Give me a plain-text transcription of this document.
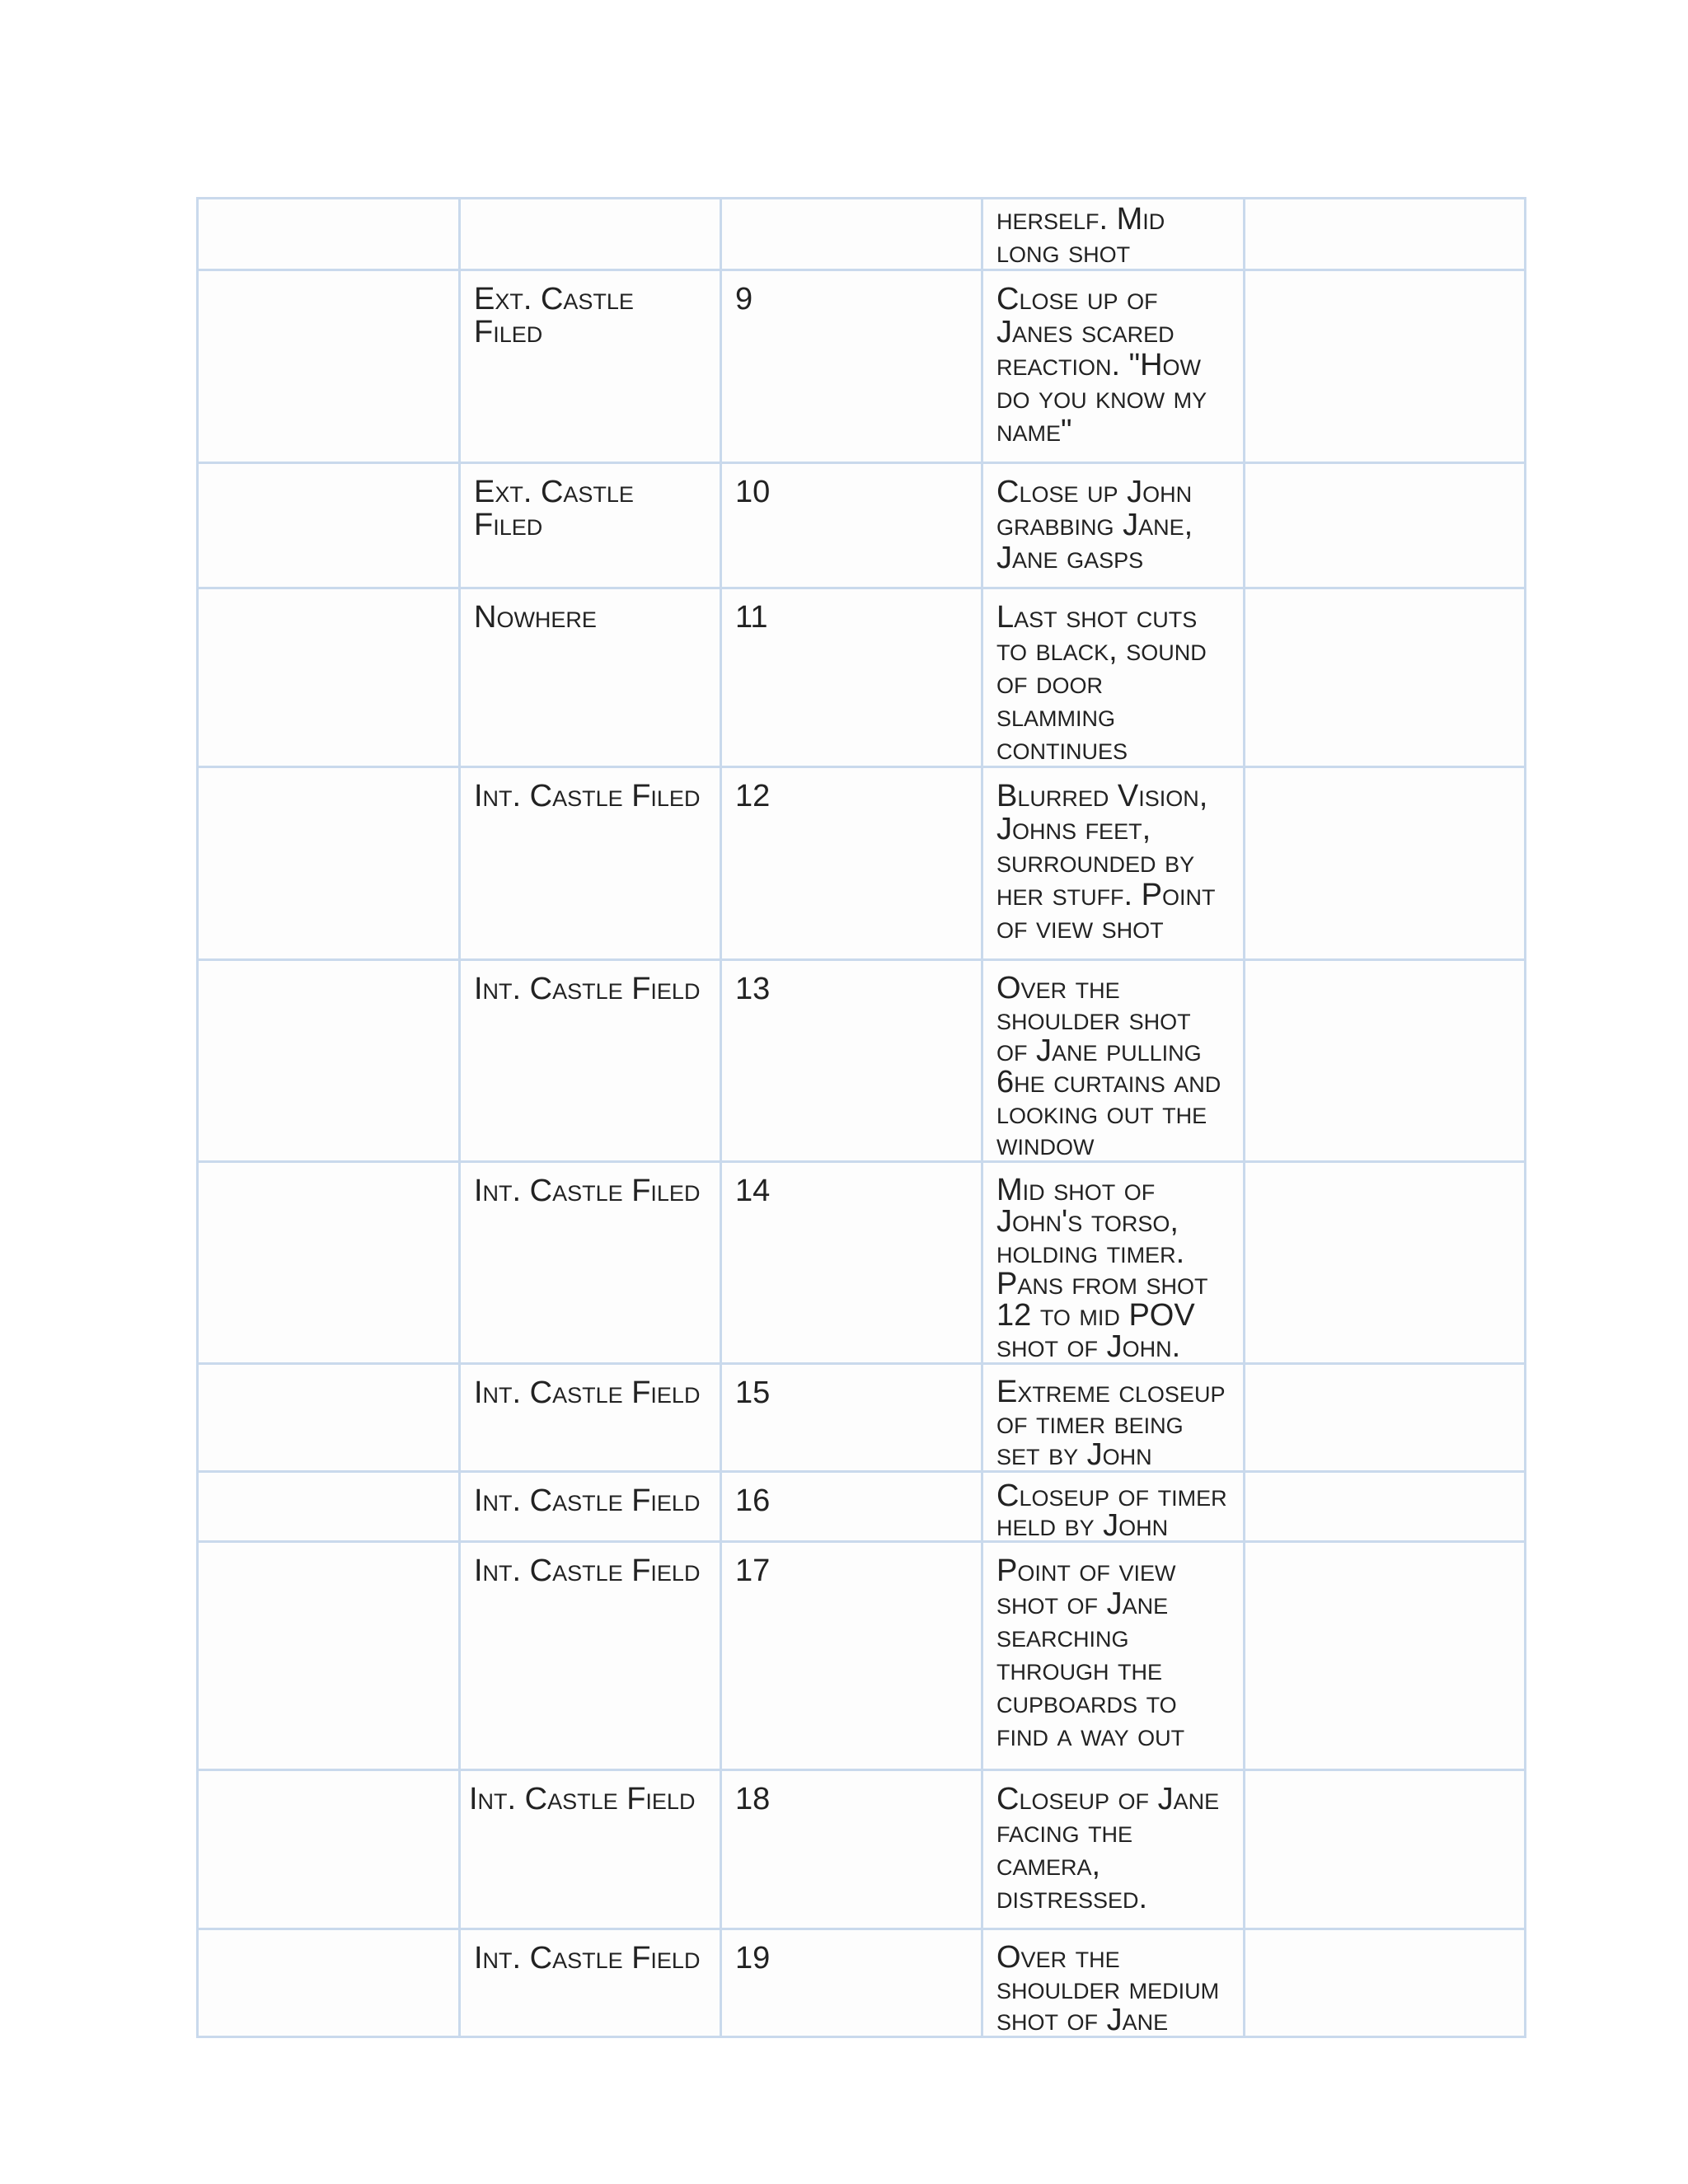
			herself. Mid long shot	
	Ext. Castle Filed	9	Close up of Janes scared reaction. "How do you know my name"	
	Ext. Castle Filed	10	Close up John grabbing Jane, Jane gasps	
	Nowhere	11	Last shot cuts to black, sound of door slamming continues	
	Int. Castle Filed	12	Blurred Vision, Johns feet, surrounded by her stuff. Point of view shot	
	Int. Castle Field	13	Over the shoulder shot of Jane pulling 6he curtains and looking out the window	
	Int. Castle Filed	14	Mid shot of John's torso, holding timer. Pans from shot 12 to mid POV shot of John.	
	Int. Castle Field	15	Extreme closeup of timer being set by John	
	Int. Castle Field	16	Closeup of timer held by John	
	Int. Castle Field	17	Point of view shot of Jane searching through the cupboards to find a way out	
	Int. Castle Field	18	Closeup of Jane facing the camera, distressed.	
	Int. Castle Field	19	Over the shoulder medium shot of Jane	
